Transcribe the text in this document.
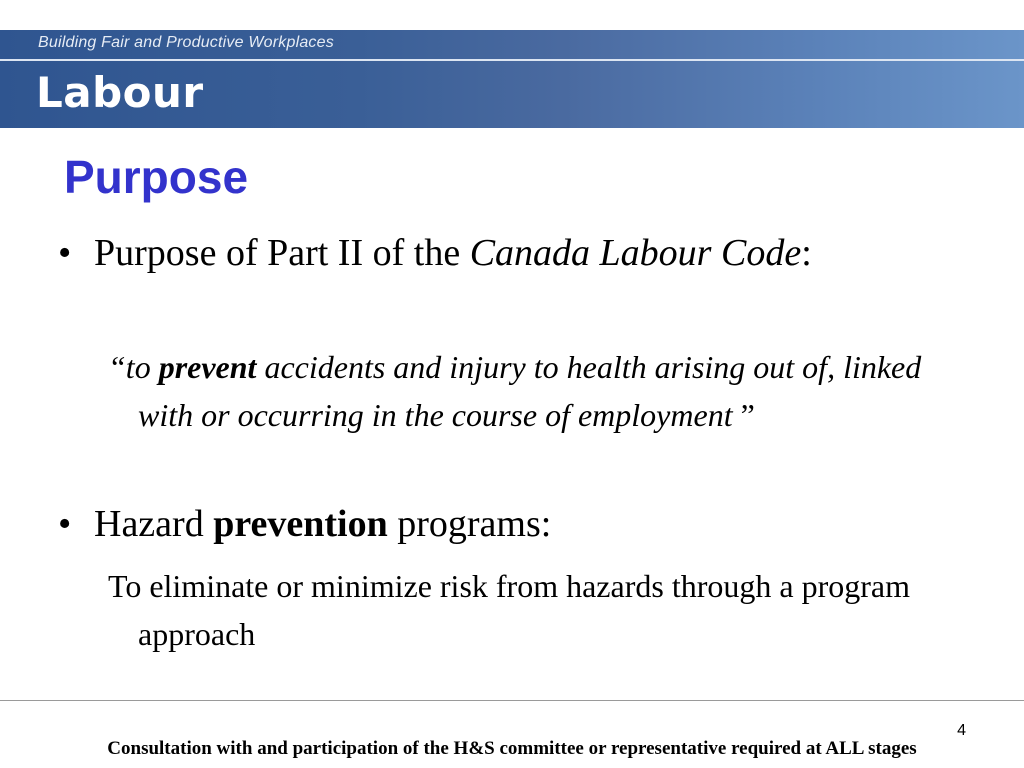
Building Fair and Productive Workplaces
Labour
Purpose
• Purpose of Part II of the Canada Labour Code:
“to prevent accidents and injury to health arising out of, linked with or occurring in the course of employment ”
• Hazard prevention programs:
To eliminate or minimize risk from hazards through a program approach
4
Consultation with and participation of the H&S committee or representative required at ALL stages
